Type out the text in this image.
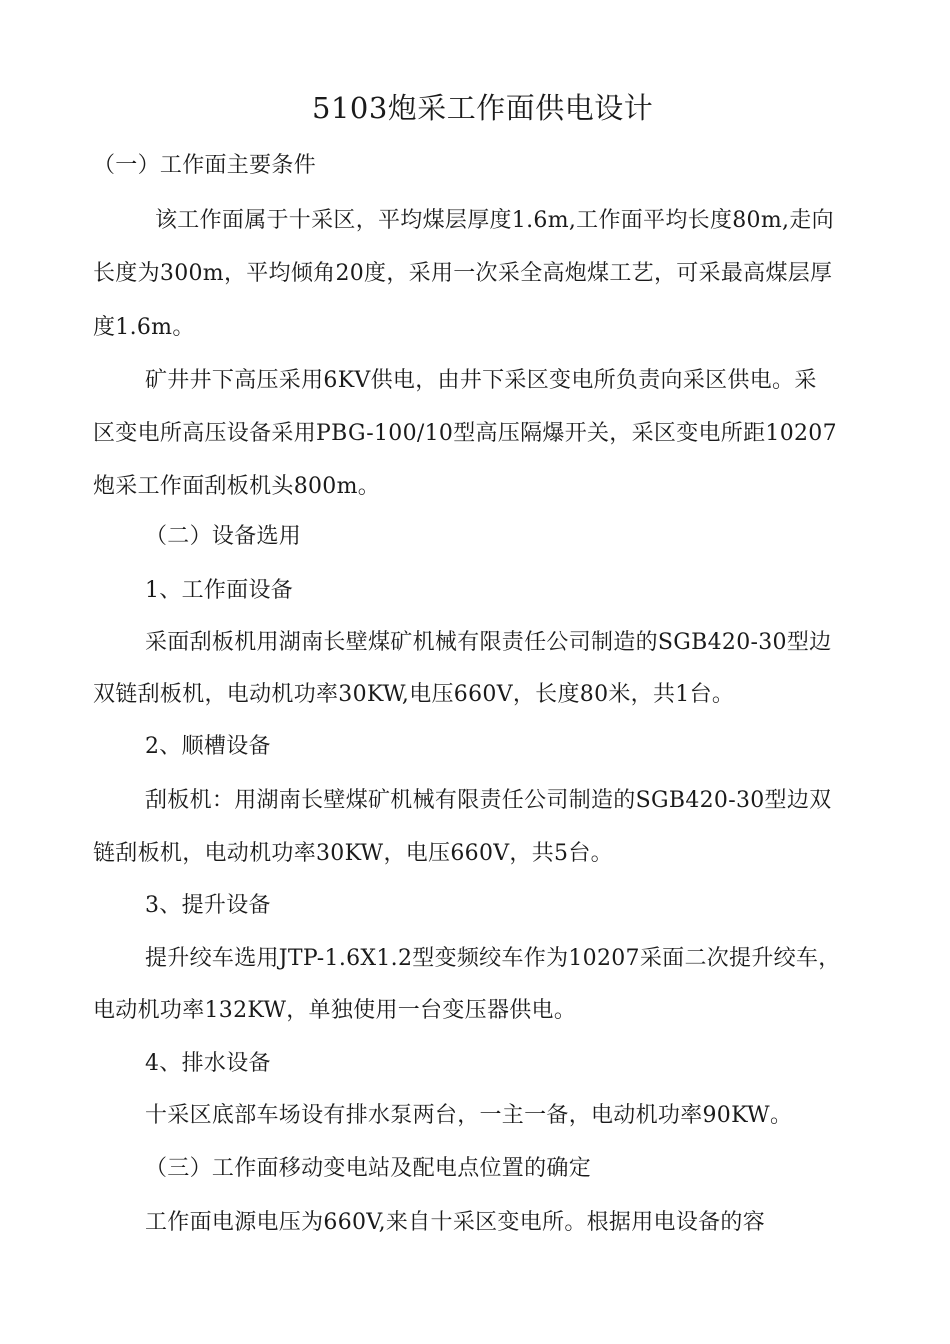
5103炮采工作面供电设计
（一）工作面主要条件
该工作面属于十采区，平均煤层厚度1.6m,工作面平均长度80m,走向
长度为300m，平均倾角20度，采用一次采全高炮煤工艺，可采最高煤层厚
度1.6m。
矿井井下高压采用6KV供电，由井下采区变电所负责向采区供电。采
区变电所高压设备采用PBG-100/10型高压隔爆开关，采区变电所距10207
炮采工作面刮板机头800m。
（二）设备选用
1、工作面设备
采面刮板机用湖南长壁煤矿机械有限责任公司制造的SGB420-30型边
双链刮板机，电动机功率30KW,电压660V，长度80米，共1台。
2、顺槽设备
刮板机：用湖南长壁煤矿机械有限责任公司制造的SGB420-30型边双
链刮板机，电动机功率30KW，电压660V，共5台。
3、提升设备
提升绞车选用JTP-1.6X1.2型变频绞车作为10207采面二次提升绞车，
电动机功率132KW，单独使用一台变压器供电。
4、排水设备
十采区底部车场设有排水泵两台，一主一备，电动机功率90KW。
（三）工作面移动变电站及配电点位置的确定
工作面电源电压为660V,来自十采区变电所。根据用电设备的容
